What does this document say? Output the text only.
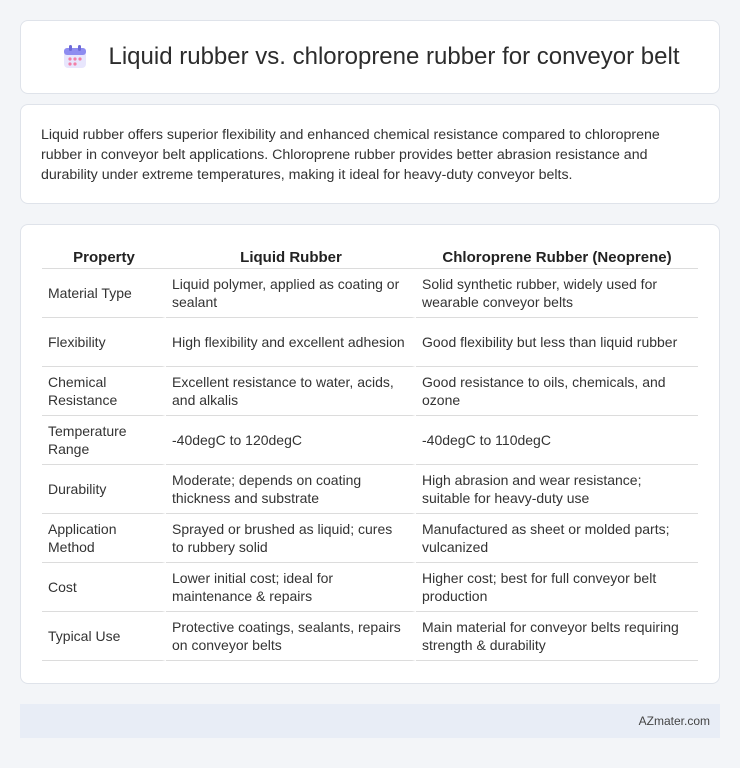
Liquid rubber vs. chloroprene rubber for conveyor belt

Liquid rubber offers superior flexibility and enhanced chemical resistance compared to chloroprene rubber in conveyor belt applications. Chloroprene rubber provides better abrasion resistance and durability under extreme temperatures, making it ideal for heavy-duty conveyor belts.

Property	Liquid Rubber	Chloroprene Rubber (Neoprene)
Material Type	Liquid polymer, applied as coating or sealant	Solid synthetic rubber, widely used for wearable conveyor belts
Flexibility	High flexibility and excellent adhesion	Good flexibility but less than liquid rubber
Chemical Resistance	Excellent resistance to water, acids, and alkalis	Good resistance to oils, chemicals, and ozone
Temperature Range	-40degC to 120degC	-40degC to 110degC
Durability	Moderate; depends on coating thickness and substrate	High abrasion and wear resistance; suitable for heavy-duty use
Application Method	Sprayed or brushed as liquid; cures to rubbery solid	Manufactured as sheet or molded parts; vulcanized
Cost	Lower initial cost; ideal for maintenance & repairs	Higher cost; best for full conveyor belt production
Typical Use	Protective coatings, sealants, repairs on conveyor belts	Main material for conveyor belts requiring strength & durability
AZmater.com
